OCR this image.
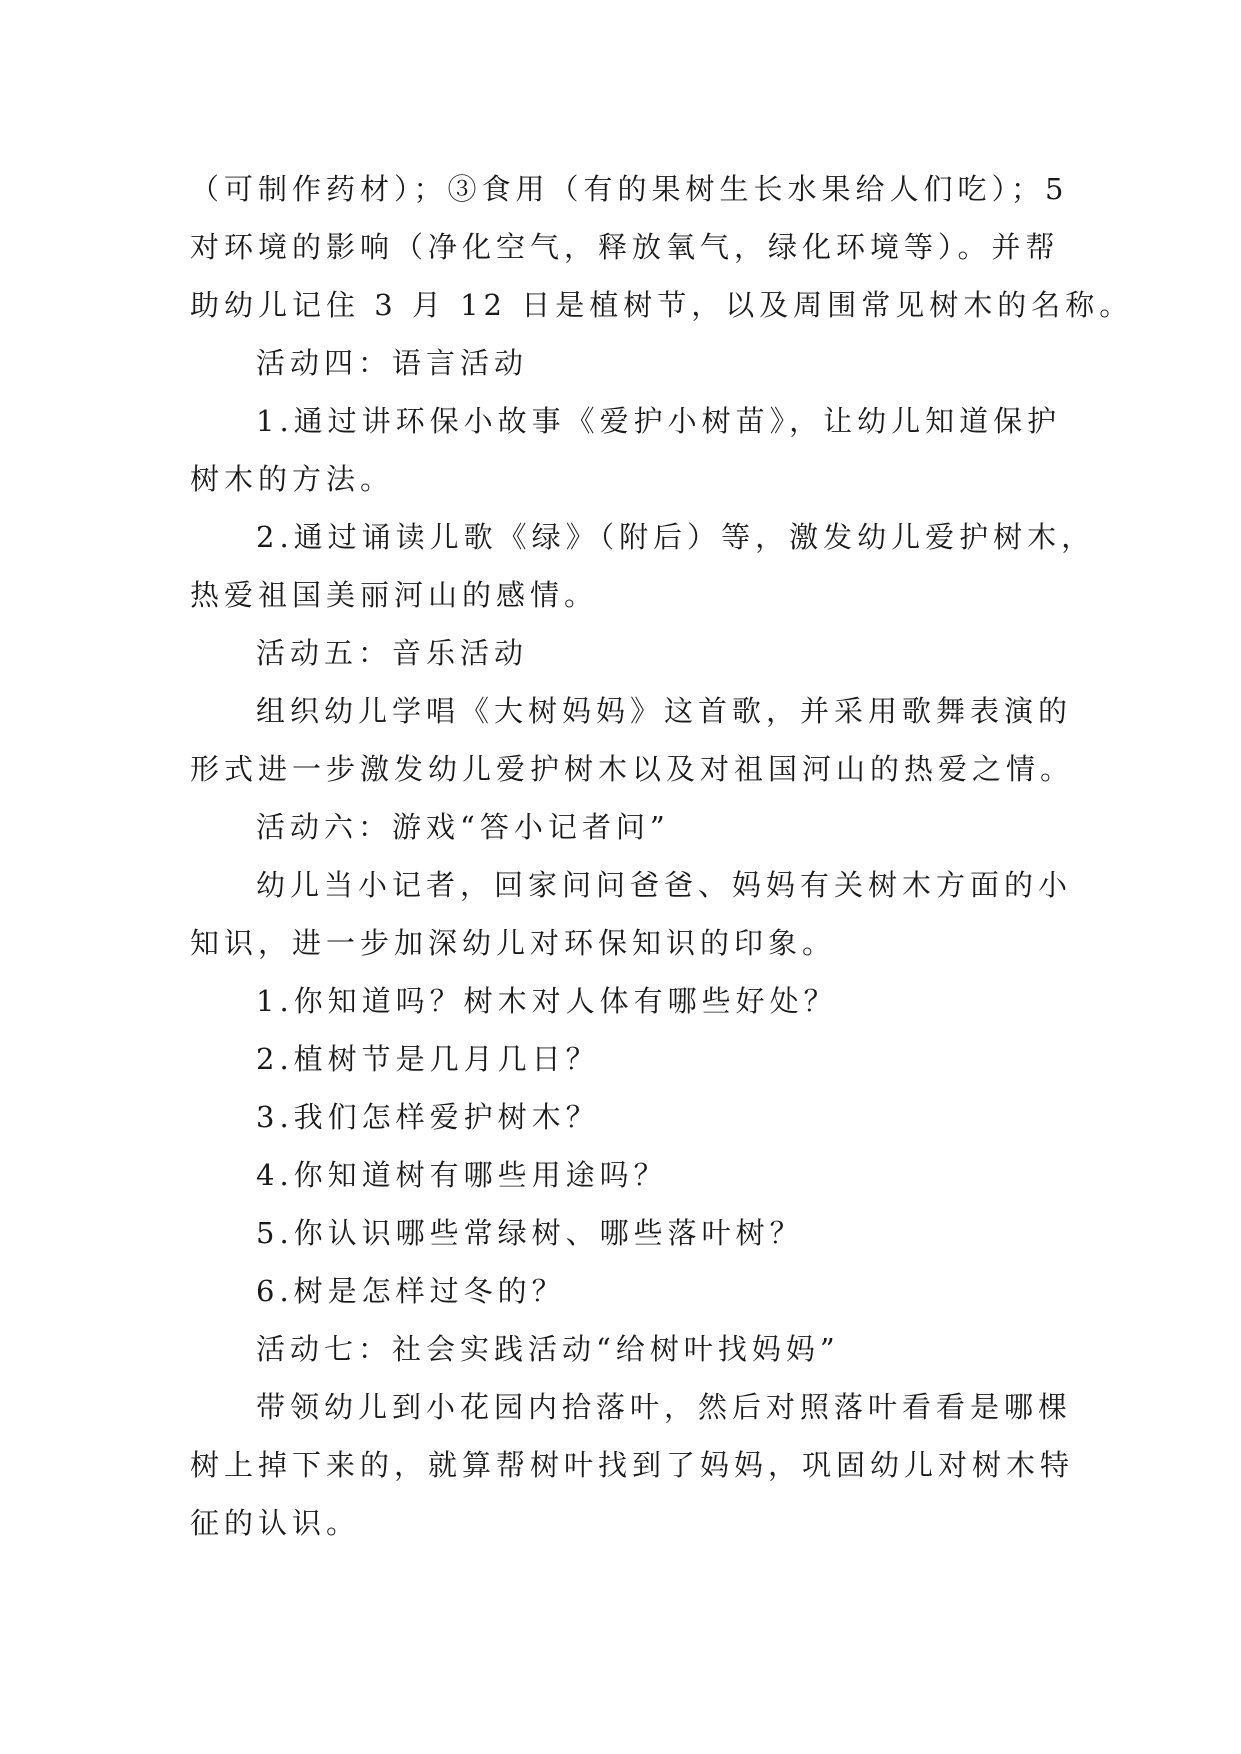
（可制作药材）；③食用（有的果树生长水果给人们吃）；5
对环境的影响（净化空气，释放氧气，绿化环境等）。并帮
助幼儿记住 3 月 12 日是植树节，以及周围常见树木的名称。
活动四：语言活动
1.通过讲环保小故事《爱护小树苗》，让幼儿知道保护
树木的方法。
2.通过诵读儿歌《绿》（附后）等，激发幼儿爱护树木，
热爱祖国美丽河山的感情。
活动五：音乐活动
组织幼儿学唱《大树妈妈》这首歌，并采用歌舞表演的
形式进一步激发幼儿爱护树木以及对祖国河山的热爱之情。
活动六：游戏“答小记者问”
幼儿当小记者，回家问问爸爸、妈妈有关树木方面的小
知识，进一步加深幼儿对环保知识的印象。
1.你知道吗？树木对人体有哪些好处？
2.植树节是几月几日？
3.我们怎样爱护树木？
4.你知道树有哪些用途吗？
5.你认识哪些常绿树、哪些落叶树？
6.树是怎样过冬的？
活动七：社会实践活动“给树叶找妈妈”
带领幼儿到小花园内拾落叶，然后对照落叶看看是哪棵
树上掉下来的，就算帮树叶找到了妈妈，巩固幼儿对树木特
征的认识。
